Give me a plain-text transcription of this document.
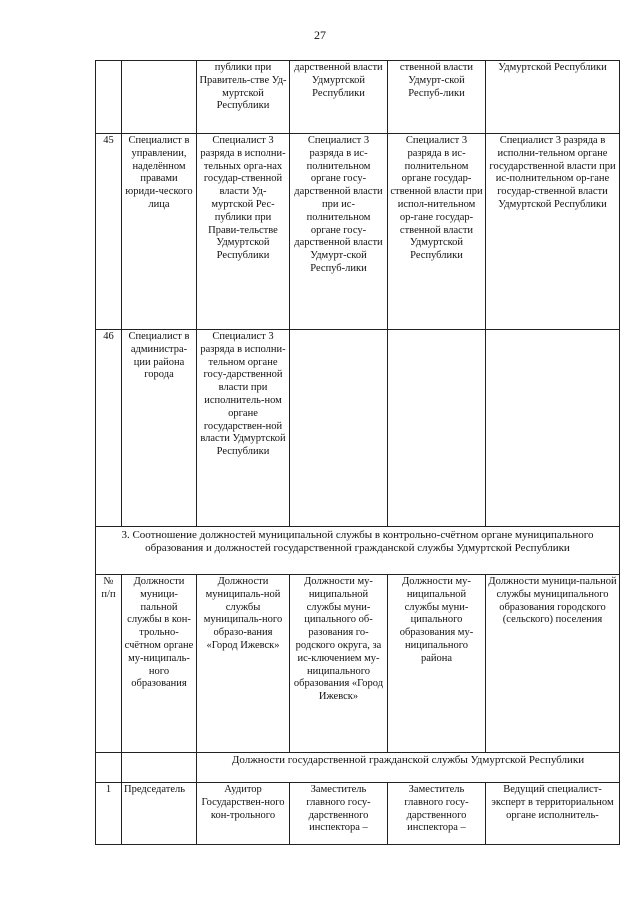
27
		публики при Правитель-стве Уд-муртской Республики	дарственной власти Удмуртской Республики	ственной власти Удмурт-ской Респуб-лики	Удмуртской Республики
45	Специалист в управлении, наделённом правами юриди-ческого лица	Специалист 3 разряда в исполни-тельных орга-нах государ-ственной власти Уд-муртской Рес-публики при Прави-тельстве Удмуртской Республики	Специалист 3 разряда в ис-полнительном органе госу-дарственной власти при ис-полнительном органе госу-дарственной власти Удмурт-ской Респуб-лики	Специалист 3 разряда в ис-полнительном органе государ-ственной власти при испол-нительном ор-гане государ-ственной власти Удмуртской Республики	Специалист 3 разряда в исполни-тельном органе государственной власти при ис-полнительном ор-гане государ-ственной власти Удмуртской Республики
46	Специалист в администра-ции района города	Специалист 3 разряда в исполни-тельном органе госу-дарственной власти при исполнитель-ном органе государствен-ной власти Удмуртской Республики			
3. Соотношение должностей муниципальной службы в контрольно-счётном органе муниципального образования и должностей государственной гражданской службы Удмуртской Республики					
№ п/п	Должности муници-пальной службы в кон-трольно-счётном органе му-ниципаль-ного образования	Должности муниципаль-ной службы муниципаль-ного образо-вания «Город Ижевск»	Должности му-ниципальной службы муни-ципального об-разования го-родского округа, за ис-ключением му-ниципального образования «Город Ижевск»	Должности му-ниципальной службы муни-ципального образования му-ниципального района	Должности муници-пальной службы муниципального образования городского (сельского) поселения
		Должности государственной гражданской службы Удмуртской Республики			
1	Председатель	Аудитор Государствен-ного кон-трольного	Заместитель главного госу-дарственного инспектора –	Заместитель главного госу-дарственного инспектора –	Ведущий специалист-эксперт в территориальном органе исполнитель-
